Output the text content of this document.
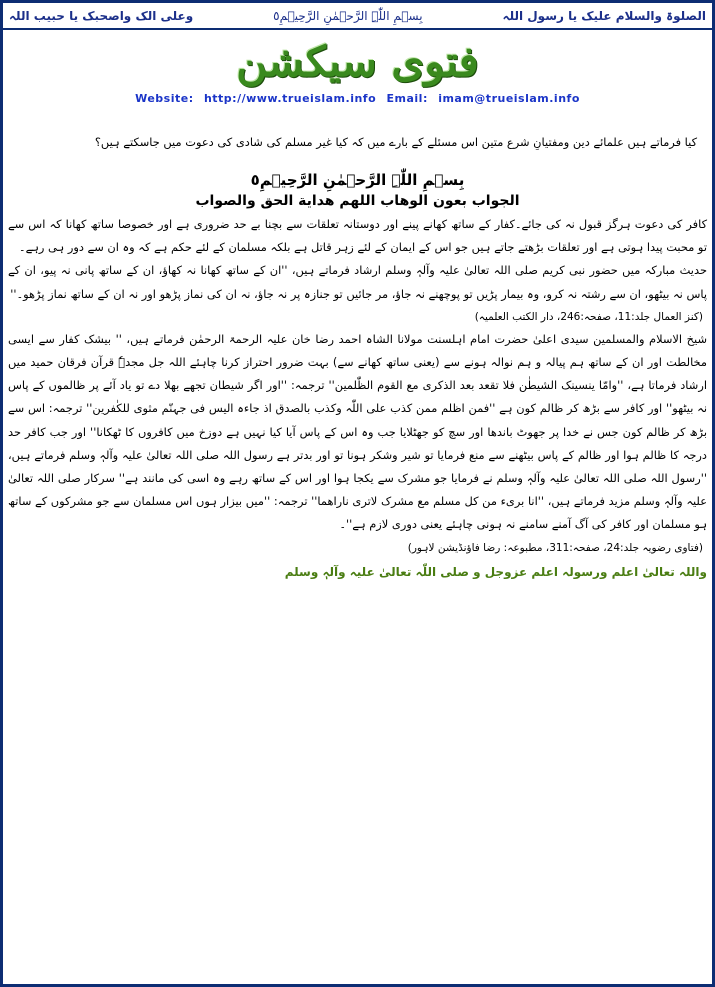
الصلوۃ والسلام علیک یا رسول اللہ
بِسۡمِ اللّٰہِ الرَّحۡمٰنِ الرَّحِیۡمِ٥
وعلی الک واصحبک یا حبیب اللہ
فتوی سیکشن
Website: http://www.trueislam.info Email: imam@trueislam.info

کیا فرماتے ہیں علمائے دین ومفتیانِ شرع متین اس مسئلے کے بارے میں کہ کیا غیر مسلم کی شادی کی دعوت میں جاسکتے ہیں؟

بِسۡمِ اللّٰہِ الرَّحۡمٰنِ الرَّحِیۡمِ٥

الجواب بعون الوهاب اللهم هداية الحق والصواب

کافر کی دعوت ہرگز قبول نہ کی جائے۔کفار کے ساتھ کھانے پینے اور دوستانہ تعلقات سے بچنا بے حد ضروری ہے اور خصوصا ساتھ کھانا کہ اس سے تو محبت پیدا ہوتی ہے اور تعلقات بڑھتے جاتے ہیں جو اس کے ایمان کے لئے زہر قاتل ہے بلکہ مسلمان کے لئے حکم ہے کہ وہ ان سے دور ہی رہے۔

حدیث مبارکہ میں حضور نبی کریم صلی اللہ تعالیٰ علیہ وآلہٖ وسلم ارشاد فرماتے ہیں، ''ان کے ساتھ کھانا نہ کھاؤ، ان کے ساتھ پانی نہ پیو، ان کے پاس نہ بیٹھو، ان سے رشتہ نہ کرو، وہ بیمار پڑیں تو پوچھنے نہ جاؤ، مر جائیں تو جنازہ پر نہ جاؤ، نہ ان کی نماز پڑھو اور نہ ان کے ساتھ نماز پڑھو۔''

(کنز العمال جلد:11، صفحہ:246، دار الکتب العلمیہ)

شیخ الاسلام والمسلمین سیدی اعلیٰ حضرت امام اہلسنت مولانا الشاہ احمد رضا خان علیہ الرحمۃ الرحمٰن فرماتے ہیں، '' بیشک کفار سے ایسی مخالطت اور ان کے ساتھ ہم پیالہ و ہم نوالہ ہونے سے (یعنی ساتھ کھانے سے) بہت ضرور احتراز کرنا چاہئے اللہ جل مجدہٗ قرآن فرقان حمید میں ارشاد فرماتا ہے، ''وامّا ینسینک الشیطٰن فلا تقعد بعد الذکری مع القوم الظّٰلمین'' ترجمہ: ''اور اگر شیطان تجھے بھلا دے تو یاد آئے پر ظالموں کے پاس نہ بیٹھو'' اور کافر سے بڑھ کر ظالم کون ہے ''فمن اظلم ممن کذب علی اللّٰہ وکذب بالصدق اذ جاءہ الیس فی جہنّم مثوی للکٰفرین'' ترجمہ: اس سے بڑھ کر ظالم کون جس نے خدا پر جھوٹ باندھا اور سچ کو جھٹلایا جب وہ اس کے پاس آیا کیا نہیں ہے دوزخ میں کافروں کا ٹھکانا'' اور جب کافر حد درجہ کا ظالم ہوا اور ظالم کے پاس بیٹھنے سے منع فرمایا تو شیر وشکر ہونا تو اور بدتر ہے رسول اللہ صلی اللہ تعالیٰ علیہ وآلہٖ وسلم فرماتے ہیں، ''رسول اللہ صلی اللہ تعالیٰ علیہ وآلہٖ وسلم نے فرمایا جو مشرک سے یکجا ہوا اور اس کے ساتھ رہے وہ اسی کی مانند ہے'' سرکار صلی اللہ تعالیٰ علیہ وآلہٖ وسلم مزید فرماتے ہیں، ''انا بریء من کل مسلم مع مشرک لاتری ناراھما'' ترجمہ: ''میں بیزار ہوں اس مسلمان سے جو مشرکوں کے ساتھ ہو مسلمان اور کافر کی آگ آمنے سامنے نہ ہونی چاہئے یعنی دوری لازم ہے''۔

(فتاوی رضویہ جلد:24، صفحہ:311، مطبوعہ: رضا فاؤنڈیشن لاہور)

واللہ تعالیٰ اعلم ورسولہ اعلم عزوجل و صلی اللّٰہ تعالیٰ علیہ وآلہٖ وسلم
